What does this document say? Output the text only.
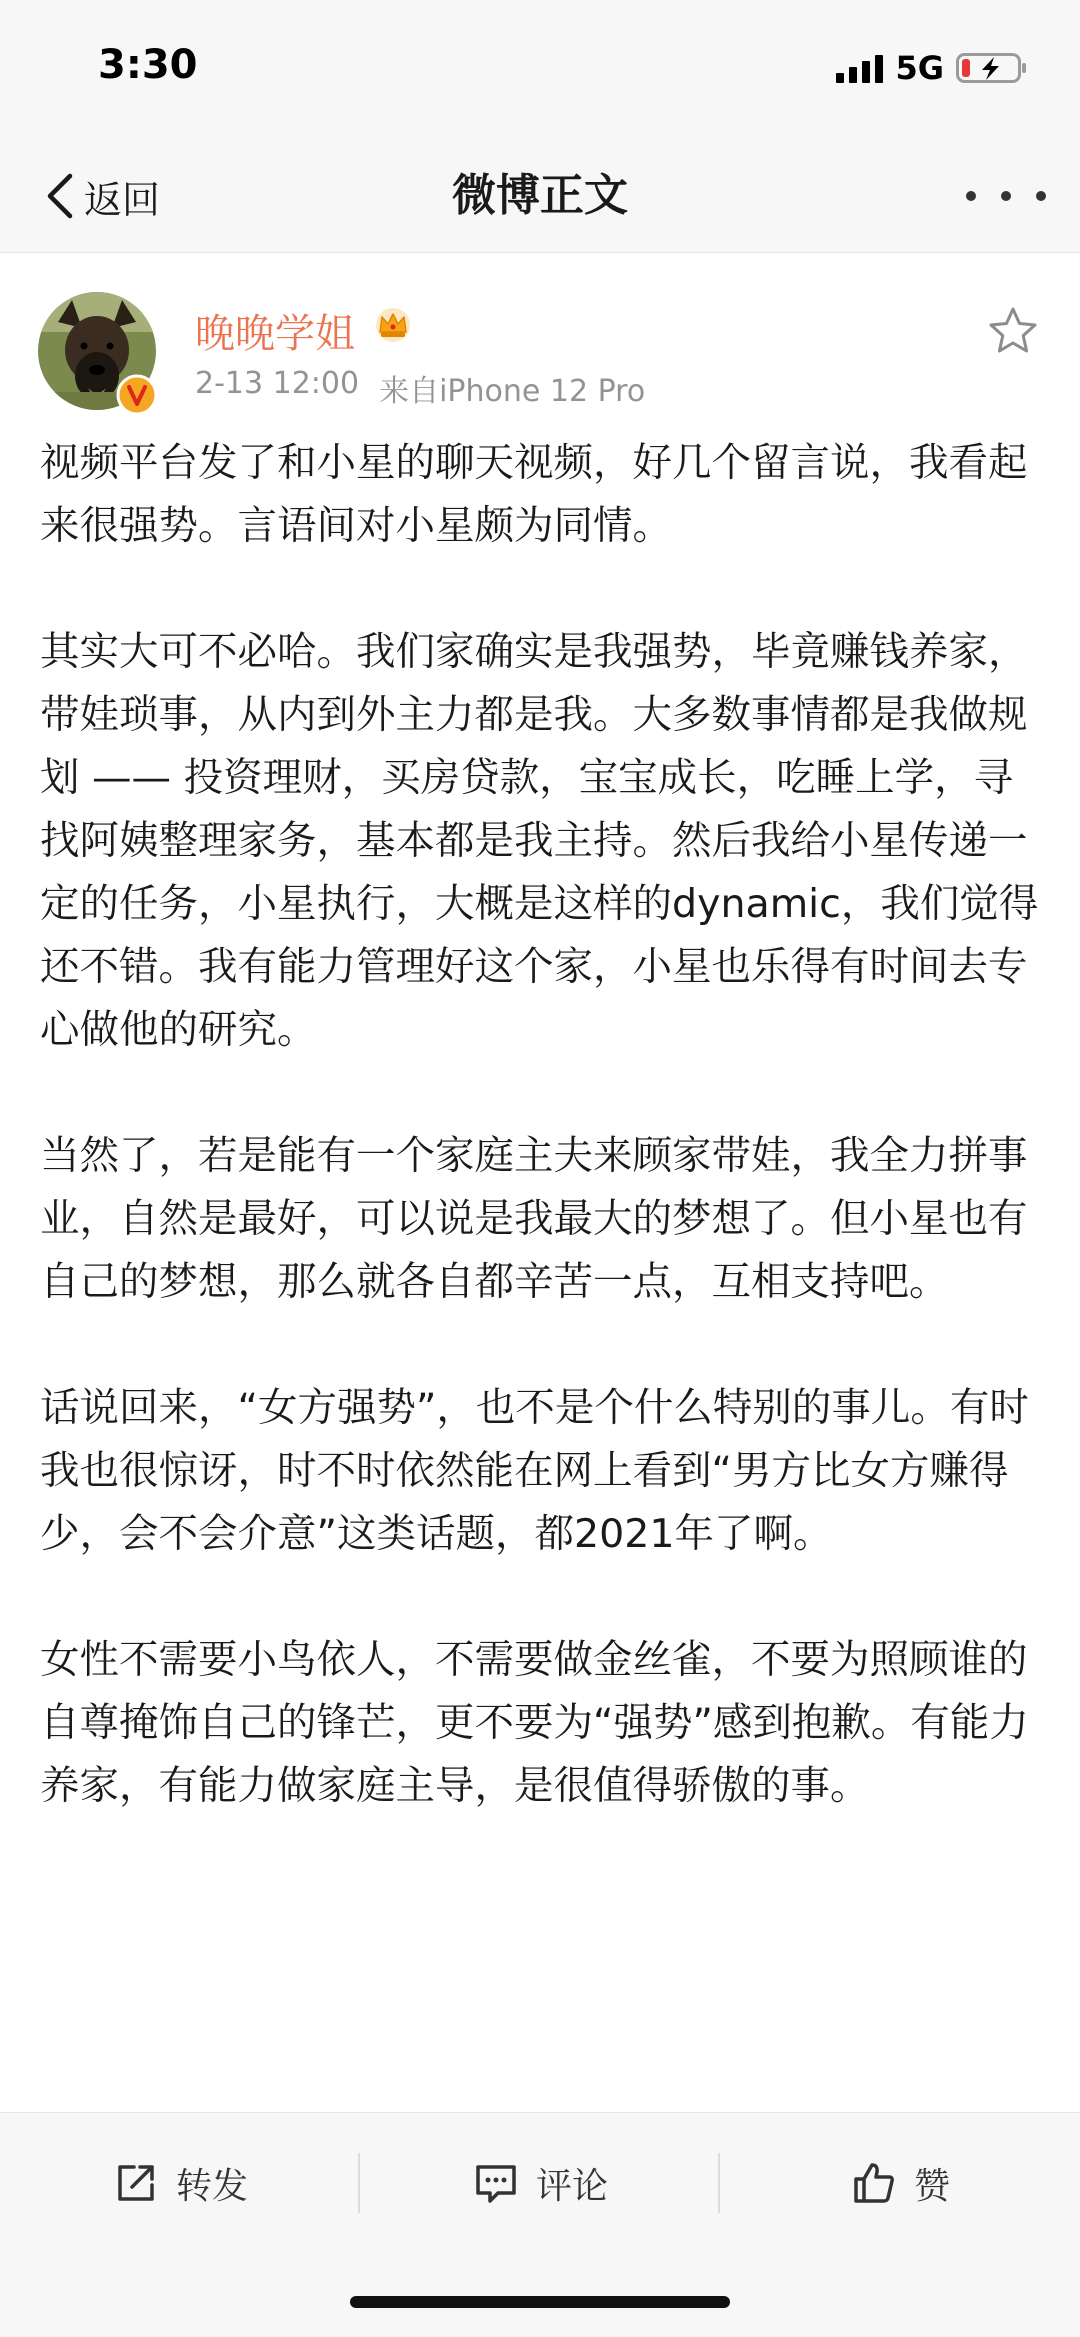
3:30	5G
微博正文
返回
晚晚学姐
2-13 12:00 来自iPhone 12 Pro

视频平台发了和小星的聊天视频，好几个留言说，我看起来很强势。言语间对小星颇为同情。

其实大可不必哈。我们家确实是我强势，毕竟赚钱养家，带娃琐事，从内到外主力都是我。大多数事情都是我做规划 —— 投资理财，买房贷款，宝宝成长，吃睡上学，寻找阿姨整理家务，基本都是我主持。然后我给小星传递一定的任务，小星执行，大概是这样的dynamic，我们觉得还不错。我有能力管理好这个家，小星也乐得有时间去专心做他的研究。

当然了，若是能有一个家庭主夫来顾家带娃，我全力拼事业，自然是最好，可以说是我最大的梦想了。但小星也有自己的梦想，那么就各自都辛苦一点，互相支持吧。

话说回来，“女方强势”，也不是个什么特别的事儿。有时我也很惊讶，时不时依然能在网上看到“男方比女方赚得少，会不会介意”这类话题，都2021年了啊。

女性不需要小鸟依人，不需要做金丝雀，不要为照顾谁的自尊掩饰自己的锋芒，更不要为“强势”感到抱歉。有能力养家，有能力做家庭主导，是很值得骄傲的事。

转发	评论	赞
